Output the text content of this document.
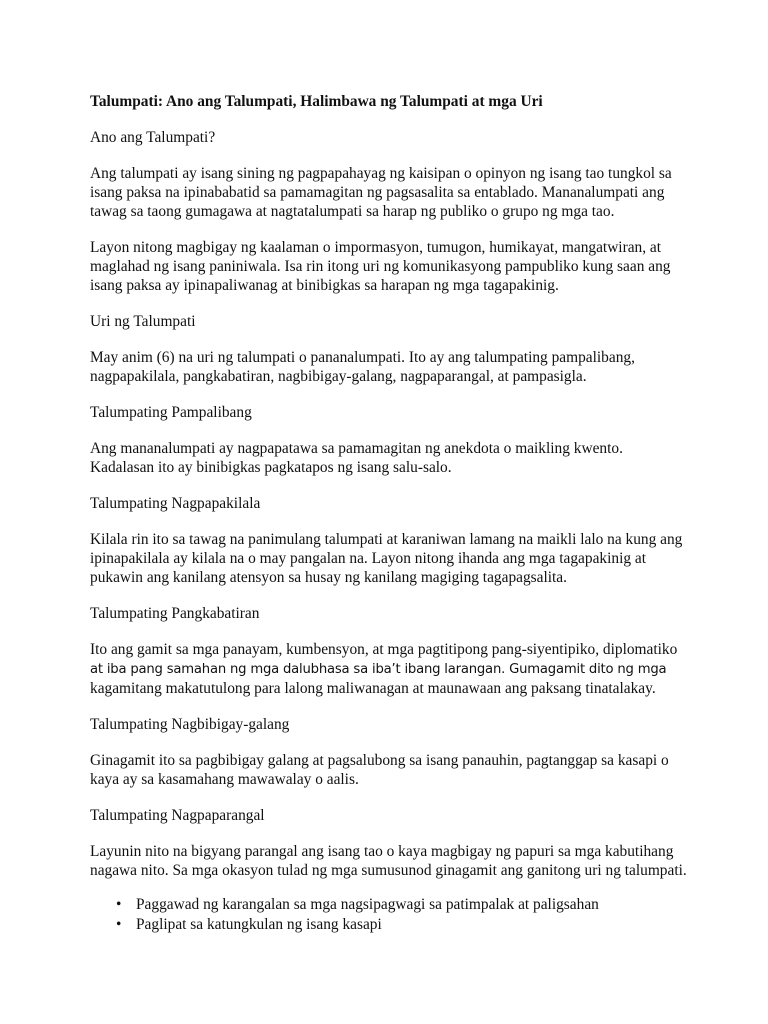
Talumpati: Ano ang Talumpati, Halimbawa ng Talumpati at mga Uri

Ano ang Talumpati?

Ang talumpati ay isang sining ng pagpapahayag ng kaisipan o opinyon ng isang tao tungkol sa
isang paksa na ipinababatid sa pamamagitan ng pagsasalita sa entablado. Mananalumpati ang
tawag sa taong gumagawa at nagtatalumpati sa harap ng publiko o grupo ng mga tao.

Layon nitong magbigay ng kaalaman o impormasyon, tumugon, humikayat, mangatwiran, at
maglahad ng isang paniniwala. Isa rin itong uri ng komunikasyong pampubliko kung saan ang
isang paksa ay ipinapaliwanag at binibigkas sa harapan ng mga tagapakinig.

Uri ng Talumpati

May anim (6) na uri ng talumpati o pananalumpati. Ito ay ang talumpating pampalibang,
nagpapakilala, pangkabatiran, nagbibigay-galang, nagpaparangal, at pampasigla.

Talumpating Pampalibang

Ang mananalumpati ay nagpapatawa sa pamamagitan ng anekdota o maikling kwento.
Kadalasan ito ay binibigkas pagkatapos ng isang salu-salo.

Talumpating Nagpapakilala

Kilala rin ito sa tawag na panimulang talumpati at karaniwan lamang na maikli lalo na kung ang
ipinapakilala ay kilala na o may pangalan na. Layon nitong ihanda ang mga tagapakinig at
pukawin ang kanilang atensyon sa husay ng kanilang magiging tagapagsalita.

Talumpating Pangkabatiran

Ito ang gamit sa mga panayam, kumbensyon, at mga pagtitipong pang-siyentipiko, diplomatiko
at iba pang samahan ng mga dalubhasa sa iba’t ibang larangan. Gumagamit dito ng mga
kagamitang makatutulong para lalong maliwanagan at maunawaan ang paksang tinatalakay.

Talumpating Nagbibigay-galang

Ginagamit ito sa pagbibigay galang at pagsalubong sa isang panauhin, pagtanggap sa kasapi o
kaya ay sa kasamahang mawawalay o aalis.

Talumpating Nagpaparangal

Layunin nito na bigyang parangal ang isang tao o kaya magbigay ng papuri sa mga kabutihang
nagawa nito. Sa mga okasyon tulad ng mga sumusunod ginagamit ang ganitong uri ng talumpati.

• Paggawad ng karangalan sa mga nagsipagwagi sa patimpalak at paligsahan
• Paglipat sa katungkulan ng isang kasapi
